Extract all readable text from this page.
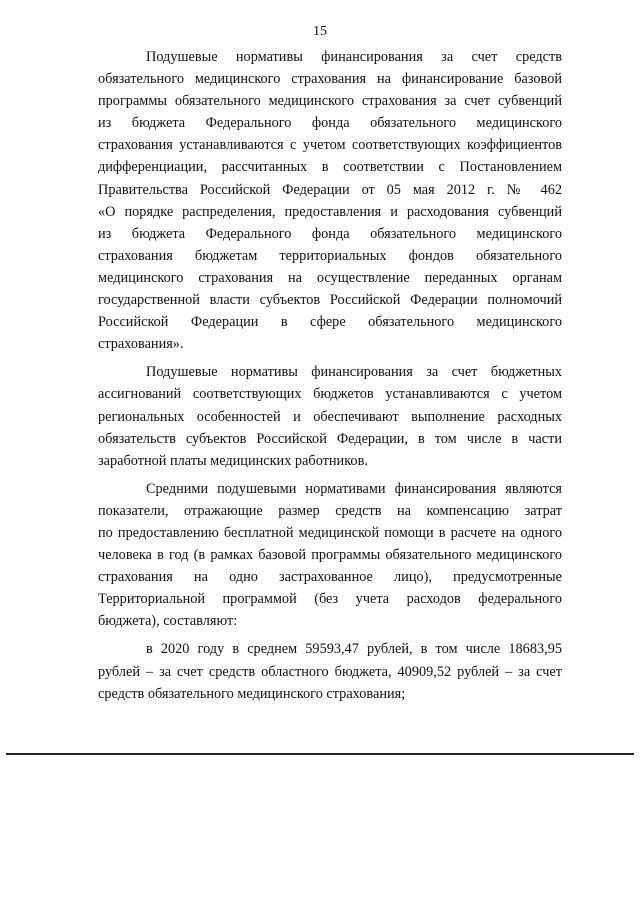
15

Подушевые нормативы финансирования за счет средств
обязательного медицинского страхования на финансирование базовой
программы обязательного медицинского страхования за счет субвенций
из бюджета Федерального фонда обязательного медицинского
страхования устанавливаются с учетом соответствующих коэффициентов
дифференциации, рассчитанных в соответствии с Постановлением
Правительства Российской Федерации от 05 мая 2012 г. № 462
«О порядке распределения, предоставления и расходования субвенций
из бюджета Федерального фонда обязательного медицинского
страхования бюджетам территориальных фондов обязательного
медицинского страхования на осуществление переданных органам
государственной власти субъектов Российской Федерации полномочий
Российской Федерации в сфере обязательного медицинского
страхования».

Подушевые нормативы финансирования за счет бюджетных
ассигнований соответствующих бюджетов устанавливаются с учетом
региональных особенностей и обеспечивают выполнение расходных
обязательств субъектов Российской Федерации, в том числе в части
заработной платы медицинских работников.

Средними подушевыми нормативами финансирования являются
показатели, отражающие размер средств на компенсацию затрат
по предоставлению бесплатной медицинской помощи в расчете на одного
человека в год (в рамках базовой программы обязательного медицинского
страхования на одно застрахованное лицо), предусмотренные
Территориальной программой (без учета расходов федерального
бюджета), составляют:

в 2020 году в среднем 59593,47 рублей, в том числе 18683,95
рублей – за счет средств областного бюджета, 40909,52 рублей – за счет
средств обязательного медицинского страхования;
